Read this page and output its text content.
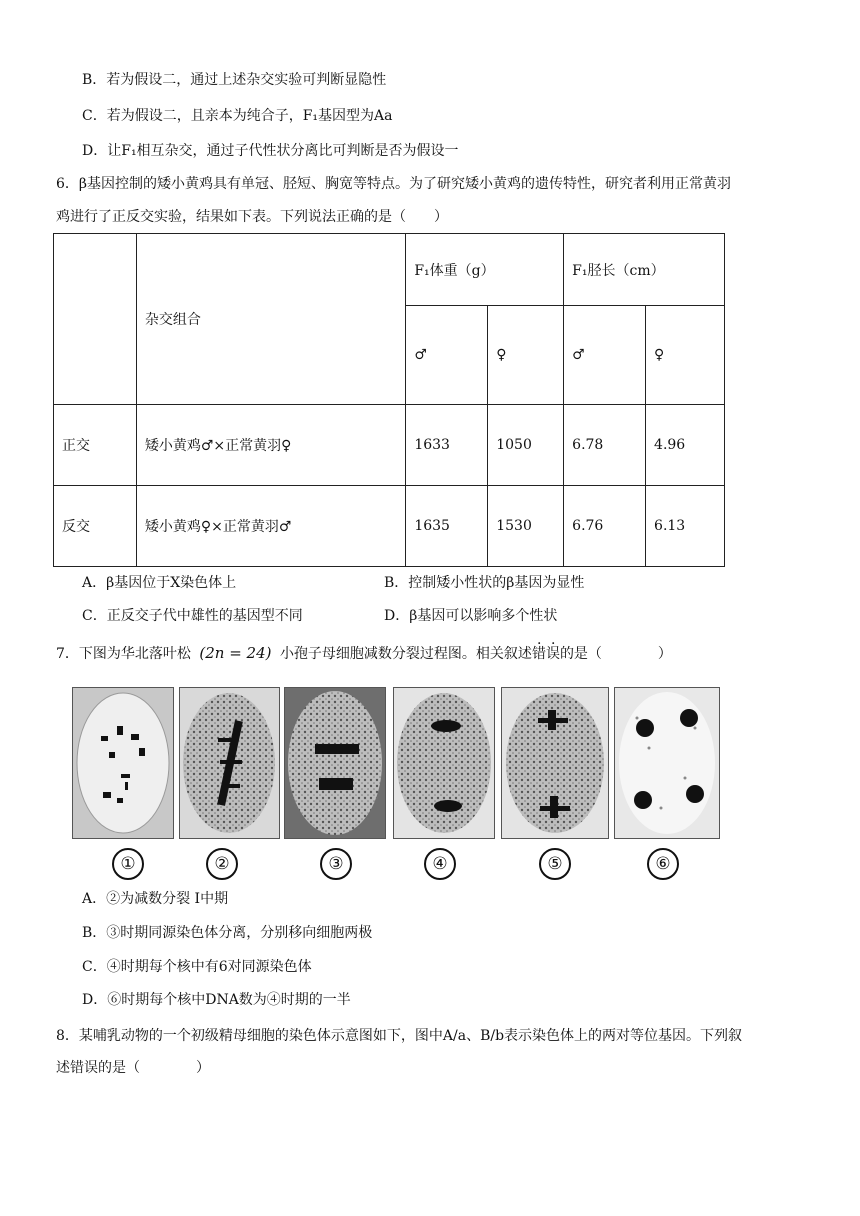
B．若为假设二，通过上述杂交实验可判断显隐性
C．若为假设二，且亲本为纯合子，F₁基因型为Aa
D．让F₁相互杂交，通过子代性状分离比可判断是否为假设一
6．β基因控制的矮小黄鸡具有单冠、胫短、胸宽等特点。为了研究矮小黄鸡的遗传特性，研究者利用正常黄羽
鸡进行了正反交实验，结果如下表。下列说法正确的是（　　）
	杂交组合	F₁体重（g）		F₁胫长（cm）	
		♂	♀	♂	♀
正交	矮小黄鸡♂×正常黄羽♀	1633	1050	6.78	4.96
反交	矮小黄鸡♀×正常黄羽♂	1635	1530	6.76	6.13
A．β基因位于X染色体上	B．控制矮小性状的β基因为显性
C．正反交子代中雄性的基因型不同	D．β基因可以影响多个性状
7．下图为华北落叶松 (2n = 24) 小孢子母细胞减数分裂过程图。相关叙述错误的是（　　　　）
①	②	③	④	⑤	⑥
A．②为减数分裂 Ⅰ中期
B．③时期同源染色体分离，分别移向细胞两极
C．④时期每个核中有6对同源染色体
D．⑥时期每个核中DNA数为④时期的一半
8．某哺乳动物的一个初级精母细胞的染色体示意图如下，图中A/a、B/b表示染色体上的两对等位基因。下列叙
述错误的是（　　　　）
